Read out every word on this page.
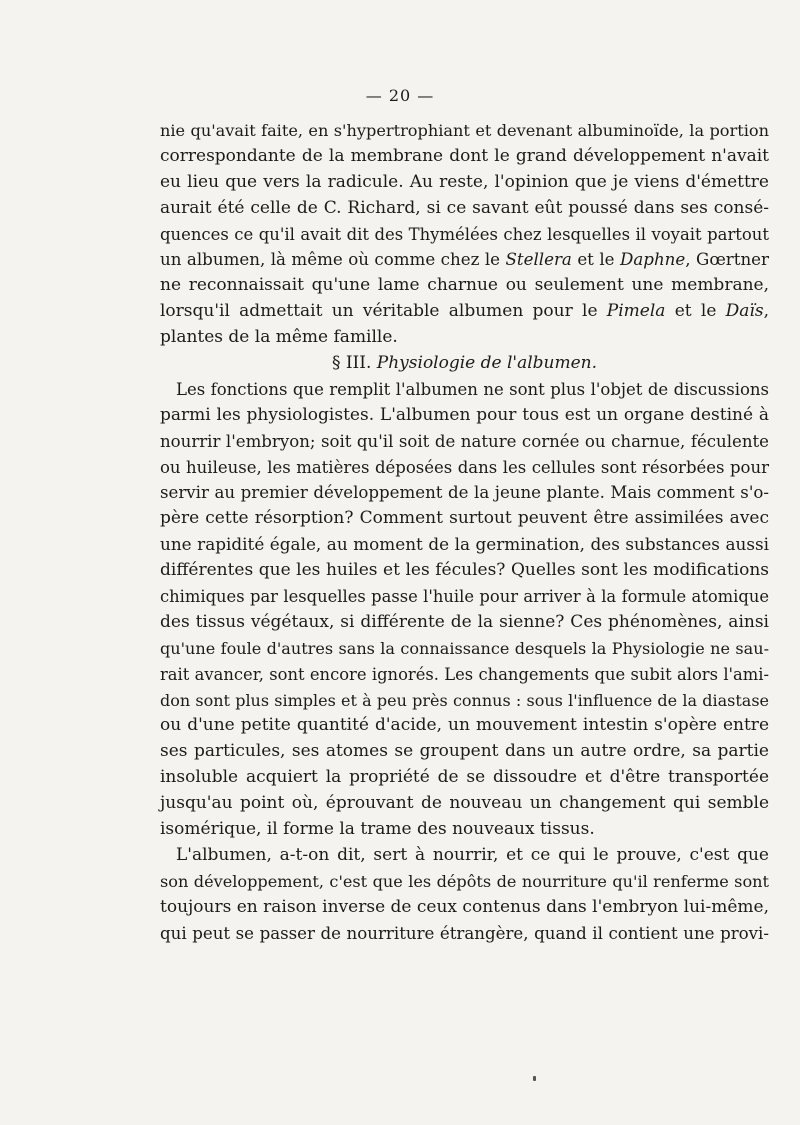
— 20 —
nie qu'avait faite, en s'hypertrophiant et devenant albuminoïde, la portion
correspondante de la membrane dont le grand développement n'avait
eu lieu que vers la radicule. Au reste, l'opinion que je viens d'émettre
aurait été celle de C. Richard, si ce savant eût poussé dans ses consé-
quences ce qu'il avait dit des Thymélées chez lesquelles il voyait partout
un albumen, là même où comme chez le Stellera et le Daphne, Gœrtner
ne reconnaissait qu'une lame charnue ou seulement une membrane,
lorsqu'il admettait un véritable albumen pour le Pimela et le Daïs,
plantes de la même famille.
§ III. Physiologie de l'albumen.
Les fonctions que remplit l'albumen ne sont plus l'objet de discussions
parmi les physiologistes. L'albumen pour tous est un organe destiné à
nourrir l'embryon; soit qu'il soit de nature cornée ou charnue, féculente
ou huileuse, les matières déposées dans les cellules sont résorbées pour
servir au premier développement de la jeune plante. Mais comment s'o-
père cette résorption? Comment surtout peuvent être assimilées avec
une rapidité égale, au moment de la germination, des substances aussi
différentes que les huiles et les fécules? Quelles sont les modifications
chimiques par lesquelles passe l'huile pour arriver à la formule atomique
des tissus végétaux, si différente de la sienne? Ces phénomènes, ainsi
qu'une foule d'autres sans la connaissance desquels la Physiologie ne sau-
rait avancer, sont encore ignorés. Les changements que subit alors l'ami-
don sont plus simples et à peu près connus : sous l'influence de la diastase
ou d'une petite quantité d'acide, un mouvement intestin s'opère entre
ses particules, ses atomes se groupent dans un autre ordre, sa partie
insoluble acquiert la propriété de se dissoudre et d'être transportée
jusqu'au point où, éprouvant de nouveau un changement qui semble
isomérique, il forme la trame des nouveaux tissus.
L'albumen, a-t-on dit, sert à nourrir, et ce qui le prouve, c'est que
son développement, c'est que les dépôts de nourriture qu'il renferme sont
toujours en raison inverse de ceux contenus dans l'embryon lui-même,
qui peut se passer de nourriture étrangère, quand il contient une provi-
